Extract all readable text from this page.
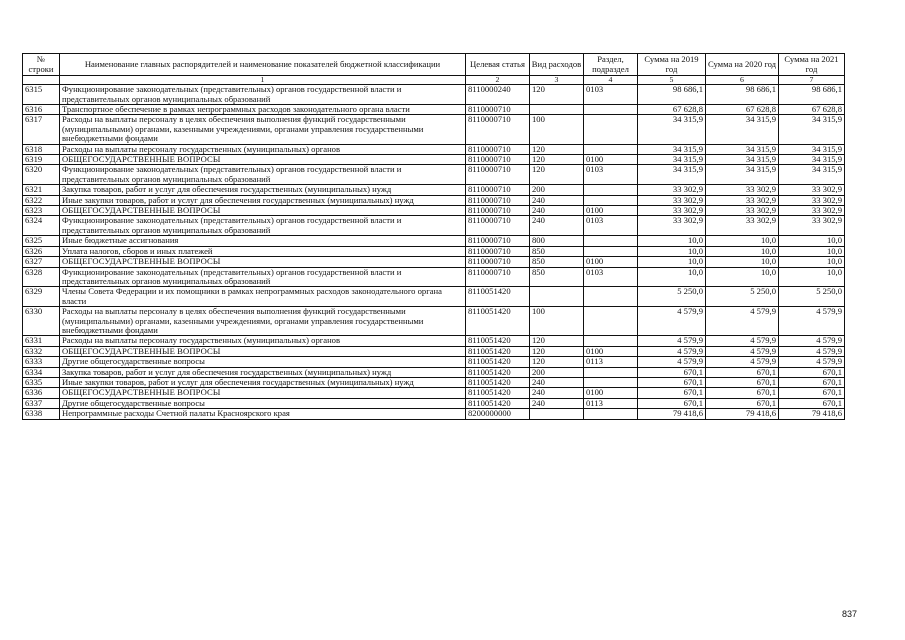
№ строки	Наименование главных распорядителей и наименование показателей бюджетной классификации	Целевая статья	Вид расходов	Раздел, подраздел	Сумма на 2019 год	Сумма на 2020 год	Сумма на 2021 год
	1	2	3	4	5	6	7
6315	Функционирование законодательных (представительных) органов государственной власти и представительных органов муниципальных образований	8110000240	120	0103	98 686,1	98 686,1	98 686,1
6316	Транспортное обеспечение в рамках непрограммных расходов законодательного органа власти	8110000710			67 628,8	67 628,8	67 628,8
6317	Расходы на выплаты персоналу в целях обеспечения выполнения функций государственными (муниципальными) органами, казенными учреждениями, органами управления государственными внебюджетными фондами	8110000710	100		34 315,9	34 315,9	34 315,9
6318	Расходы на выплаты персоналу государственных (муниципальных) органов	8110000710	120		34 315,9	34 315,9	34 315,9
6319	ОБЩЕГОСУДАРСТВЕННЫЕ ВОПРОСЫ	8110000710	120	0100	34 315,9	34 315,9	34 315,9
6320	Функционирование законодательных (представительных) органов государственной власти и представительных органов муниципальных образований	8110000710	120	0103	34 315,9	34 315,9	34 315,9
6321	Закупка товаров, работ и услуг для обеспечения государственных (муниципальных) нужд	8110000710	200		33 302,9	33 302,9	33 302,9
6322	Иные закупки товаров, работ и услуг для обеспечения государственных (муниципальных) нужд	8110000710	240		33 302,9	33 302,9	33 302,9
6323	ОБЩЕГОСУДАРСТВЕННЫЕ ВОПРОСЫ	8110000710	240	0100	33 302,9	33 302,9	33 302,9
6324	Функционирование законодательных (представительных) органов государственной власти и представительных органов муниципальных образований	8110000710	240	0103	33 302,9	33 302,9	33 302,9
6325	Иные бюджетные ассигнования	8110000710	800		10,0	10,0	10,0
6326	Уплата налогов, сборов и иных платежей	8110000710	850		10,0	10,0	10,0
6327	ОБЩЕГОСУДАРСТВЕННЫЕ ВОПРОСЫ	8110000710	850	0100	10,0	10,0	10,0
6328	Функционирование законодательных (представительных) органов государственной власти и представительных органов муниципальных образований	8110000710	850	0103	10,0	10,0	10,0
6329	Члены Совета Федерации и их помощники в рамках непрограммных расходов законодательного органа власти	8110051420			5 250,0	5 250,0	5 250,0
6330	Расходы на выплаты персоналу в целях обеспечения выполнения функций государственными (муниципальными) органами, казенными учреждениями, органами управления государственными внебюджетными фондами	8110051420	100		4 579,9	4 579,9	4 579,9
6331	Расходы на выплаты персоналу государственных (муниципальных) органов	8110051420	120		4 579,9	4 579,9	4 579,9
6332	ОБЩЕГОСУДАРСТВЕННЫЕ ВОПРОСЫ	8110051420	120	0100	4 579,9	4 579,9	4 579,9
6333	Другие общегосударственные вопросы	8110051420	120	0113	4 579,9	4 579,9	4 579,9
6334	Закупка товаров, работ и услуг для обеспечения государственных (муниципальных) нужд	8110051420	200		670,1	670,1	670,1
6335	Иные закупки товаров, работ и услуг для обеспечения государственных (муниципальных) нужд	8110051420	240		670,1	670,1	670,1
6336	ОБЩЕГОСУДАРСТВЕННЫЕ ВОПРОСЫ	8110051420	240	0100	670,1	670,1	670,1
6337	Другие общегосударственные вопросы	8110051420	240	0113	670,1	670,1	670,1
6338	Непрограммные расходы Счетной палаты Красноярского края	8200000000			79 418,6	79 418,6	79 418,6
837
